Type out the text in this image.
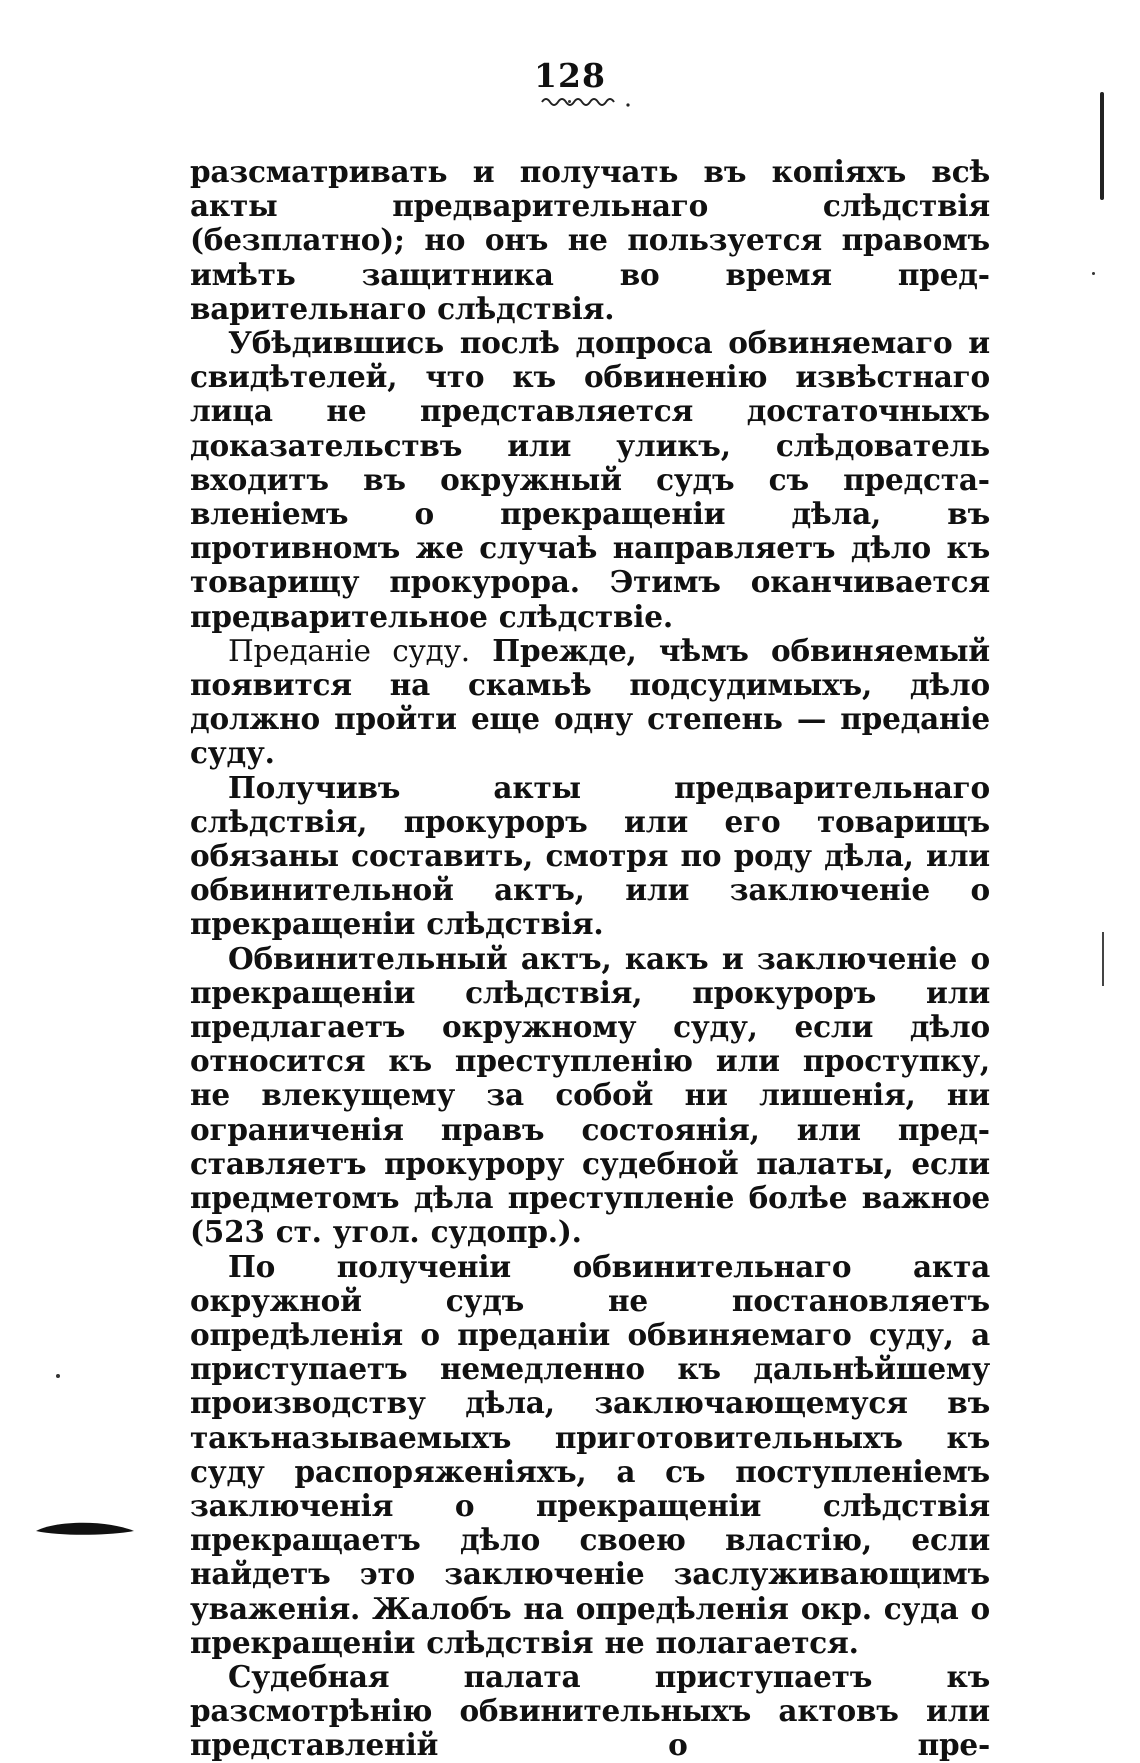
128

разсматривать и получать въ копіяхъ всѣ акты предварительнаго слѣдствія (безплатно); но онъ не пользуется правомъ имѣть защитника во время предварительнаго слѣдствія.

Убѣдившись послѣ допроса обвиняемаго и свидѣтелей, что къ обвиненію извѣстнаго лица не представляется достаточныхъ доказательствъ или уликъ, слѣдователь входитъ въ окружный судъ съ представленіемъ о прекращеніи дѣла, въ противномъ же случаѣ направляетъ дѣло къ товарищу прокурора. Этимъ оканчивается предварительное слѣдствіе.

Преданіе суду. Прежде, чѣмъ обвиняемый появится на скамьѣ подсудимыхъ, дѣло должно пройти еще одну степень — преданіе суду.

Получивъ акты предварительнаго слѣдствія, прокуроръ или его товарищъ обязаны составить, смотря по роду дѣла, или обвинительной актъ, или заключеніе о прекращеніи слѣдствія.

Обвинительный актъ, какъ и заключеніе о прекращеніи слѣдствія, прокуроръ или предлагаетъ окружному суду, если дѣло относится къ преступленію или проступку, не влекущему за собой ни лишенія, ни ограниченія правъ состоянія, или представляетъ прокурору судебной палаты, если предметомъ дѣла преступленіе болѣе важное (523 ст. угол. судопр.).

По полученіи обвинительнаго акта окружной судъ не постановляетъ опредѣленія о преданіи обвиняемаго суду, а приступаетъ немедленно къ дальнѣйшему производству дѣла, заключающемуся въ такъназываемыхъ приготовительныхъ къ суду распоряженіяхъ, а съ поступленіемъ заключенія о прекращеніи слѣдствія прекращаетъ дѣло своею властію, если найдетъ это заключеніе заслуживающимъ уваженія. Жалобъ на опредѣленія окр. суда о прекращеніи слѣдствія не полагается.

Судебная палата приступаетъ къ разсмотрѣнію обвинительныхъ актовъ или представленій о пре-
